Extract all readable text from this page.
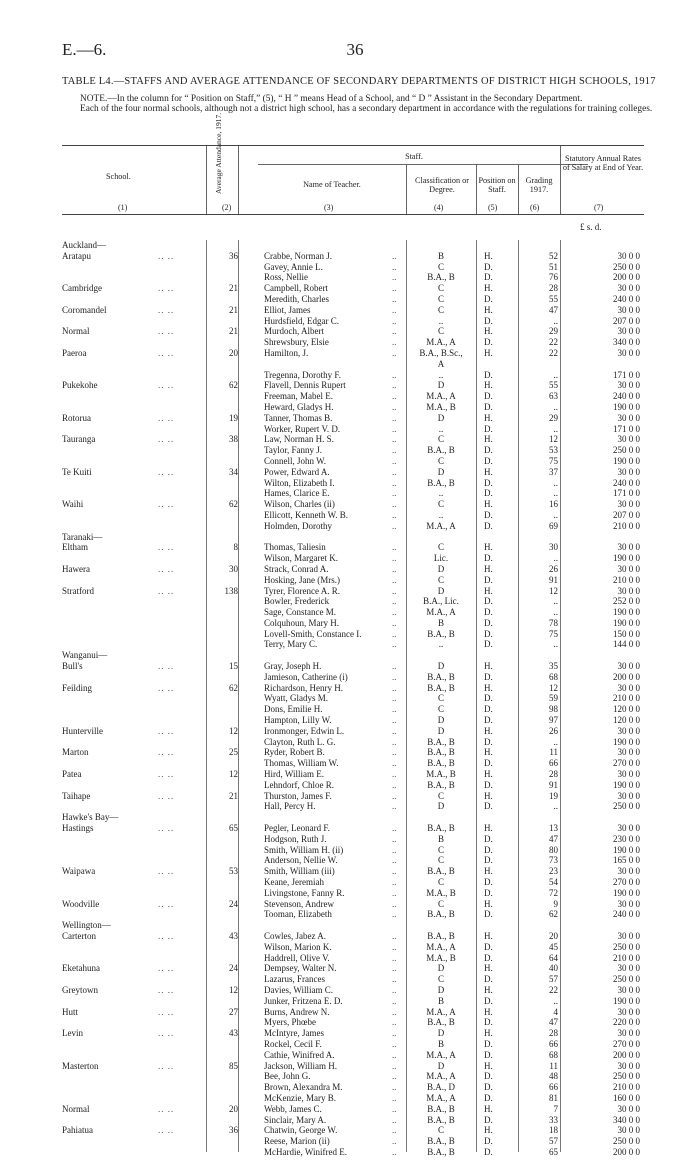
E.—6.	36
TABLE L4.—STAFFS AND AVERAGE ATTENDANCE OF SECONDARY DEPARTMENTS OF DISTRICT HIGH SCHOOLS, 1917

NOTE.—In the column for “ Position on Staff,” (5), “ H ” means Head of a School, and “ D ” Assistant in the Secondary Department.

Each of the four normal schools, although not a district high school, has a secondary department in accordance with the regulations for training colleges.

School.
(1)
Average Attendance, 1917.
(2)
Staff.
Name of Teacher.
(3)
Classification or Degree.
(4)
Position on Staff.
(5)
Grading 1917.
(6)
Statutory Annual Rates of Salary at End of Year.
(7)
£ s. d.
Auckland—
Aratapu	.. ..	36	Crabbe, Norman J.	..	B	H.	52	30 0 0
Gavey, Annie L.	..	C	D.	51	250 0 0
Ross, Nellie	..	B.A., B	D.	76	200 0 0
Cambridge	.. ..	21	Campbell, Robert	..	C	H.	28	30 0 0
Meredith, Charles	..	C	D.	55	240 0 0
Coromandel	.. ..	21	Elliot, James	..	C	H.	47	30 0 0
Hurdsfield, Edgar C.	..	..	D.	..	207 0 0
Normal	.. ..	21	Murdoch, Albert	..	C	H.	29	30 0 0
Shrewsbury, Elsie	..	M.A., A	D.	22	340 0 0
Paeroa	.. ..	20	Hamilton, J.	..	B.A., B.Sc.,	H.	22	30 0 0
A
Tregenna, Dorothy F.	..	..	D.	..	171 0 0
Pukekohe	.. ..	62	Flavell, Dennis Rupert	..	D	H.	55	30 0 0
Freeman, Mabel E.	..	M.A., A	D.	63	240 0 0
Heward, Gladys H.	..	M.A., B	D.	..	190 0 0
Rotorua	.. ..	19	Tanner, Thomas B.	..	D	H.	29	30 0 0
Worker, Rupert V. D.	..	..	D.	..	171 0 0
Tauranga	.. ..	38	Law, Norman H. S.	..	C	H.	12	30 0 0
Taylor, Fanny J.	..	B.A., B	D.	53	250 0 0
Connell, John W.	..	C	D.	75	190 0 0
Te Kuiti	.. ..	34	Power, Edward A.	..	D	H.	37	30 0 0
Wilton, Elizabeth I.	..	B.A., B	D.	..	240 0 0
Hames, Clarice E.	..	..	D.	..	171 0 0
Waihi	.. ..	62	Wilson, Charles (ii)	..	C	H.	16	30 0 0
Ellicott, Kenneth W. B.	..	..	D.	..	207 0 0
Holmden, Dorothy	..	M.A., A	D.	69	210 0 0
Taranaki—
Eltham	.. ..	8	Thomas, Taliesin	..	C	H.	30	30 0 0
Wilson, Margaret K.	..	Lic.	D.	..	190 0 0
Hawera	.. ..	30	Strack, Conrad A.	..	D	H.	26	30 0 0
Hosking, Jane (Mrs.)	..	C	D.	91	210 0 0
Stratford	.. ..	138	Tyrer, Florence A. R.	..	D	H.	12	30 0 0
Bowler, Frederick	..	B.A., Lic.	D.	..	252 0 0
Sage, Constance M.	..	M.A., A	D.	..	190 0 0
Colquhoun, Mary H.	..	B	D.	78	190 0 0
Lovell-Smith, Constance I.	..	B.A., B	D.	75	150 0 0
Terry, Mary C.	..	..	D.	..	144 0 0
Wanganui—
Bull's	.. ..	15	Gray, Joseph H.	..	D	H.	35	30 0 0
Jamieson, Catherine (i)	..	B.A., B	D.	68	200 0 0
Feilding	.. ..	62	Richardson, Henry H.	..	B.A., B	H.	12	30 0 0
Wyatt, Gladys M.	..	C	D.	59	210 0 0
Dons, Emilie H.	..	C	D.	98	120 0 0
Hampton, Lilly W.	..	D	D.	97	120 0 0
Hunterville	.. ..	12	Ironmonger, Edwin L.	..	D	H.	26	30 0 0
Clayton, Ruth L. G.	..	B.A., B	D.	..	190 0 0
Marton	.. ..	25	Ryder, Robert B.	..	B.A., B	H.	11	30 0 0
Thomas, William W.	..	B.A., B	D.	66	270 0 0
Patea	.. ..	12	Hird, William E.	..	M.A., B	H.	28	30 0 0
Lehndorf, Chloe R.	..	B.A., B	D.	91	190 0 0
Taihape	.. ..	21	Thurston, James F.	..	C	H.	19	30 0 0
Hall, Percy H.	..	D	D.	..	250 0 0
Hawke's Bay—
Hastings	.. ..	65	Pegler, Leonard F.	..	B.A., B	H.	13	30 0 0
Hodgson, Ruth J.	..	B	D.	47	230 0 0
Smith, William H. (ii)	..	C	D.	80	190 0 0
Anderson, Nellie W.	..	C	D.	73	165 0 0
Waipawa	.. ..	53	Smith, William (iii)	..	B.A., B	H.	23	30 0 0
Keane, Jeremiah	..	C	D.	54	270 0 0
Livingstone, Fanny R.	..	M.A., B	D.	72	190 0 0
Woodville	.. ..	24	Stevenson, Andrew	..	C	H.	9	30 0 0
Tooman, Elizabeth	..	B.A., B	D.	62	240 0 0
Wellington—
Carterton	.. ..	43	Cowles, Jabez A.	..	B.A., B	H.	20	30 0 0
Wilson, Marion K.	..	M.A., A	D.	45	250 0 0
Haddrell, Olive V.	..	M.A., B	D.	64	210 0 0
Eketahuna	.. ..	24	Dempsey, Walter N.	..	D	H.	40	30 0 0
Lazarus, Frances	..	C	D.	57	250 0 0
Greytown	.. ..	12	Davies, William C.	..	D	H.	22	30 0 0
Junker, Fritzena E. D.	..	B	D.	..	190 0 0
Hutt	.. ..	27	Burns, Andrew N.	..	M.A., A	H.	4	30 0 0
Myers, Phœbe	..	B.A., B	D.	47	220 0 0
Levin	.. ..	43	McIntyre, James	..	D	H.	28	30 0 0
Rockel, Cecil F.	..	B	D.	66	270 0 0
Cathie, Winifred A.	..	M.A., A	D.	68	200 0 0
Masterton	.. ..	85	Jackson, William H.	..	D	H.	11	30 0 0
Bee, John G.	..	M.A., A	D.	48	250 0 0
Brown, Alexandra M.	..	B.A., D	D.	66	210 0 0
McKenzie, Mary B.	..	M.A., A	D.	81	160 0 0
Normal	.. ..	20	Webb, James C.	..	B.A., B	H.	7	30 0 0
Sinclair, Mary A.	..	B.A., B	D.	33	340 0 0
Pahiatua	.. ..	36	Chatwin, George W.	..	C	H.	18	30 0 0
Reese, Marion (ii)	..	B.A., B	D.	57	250 0 0
McHardie, Winifred E.	..	B.A., B	D.	65	200 0 0
